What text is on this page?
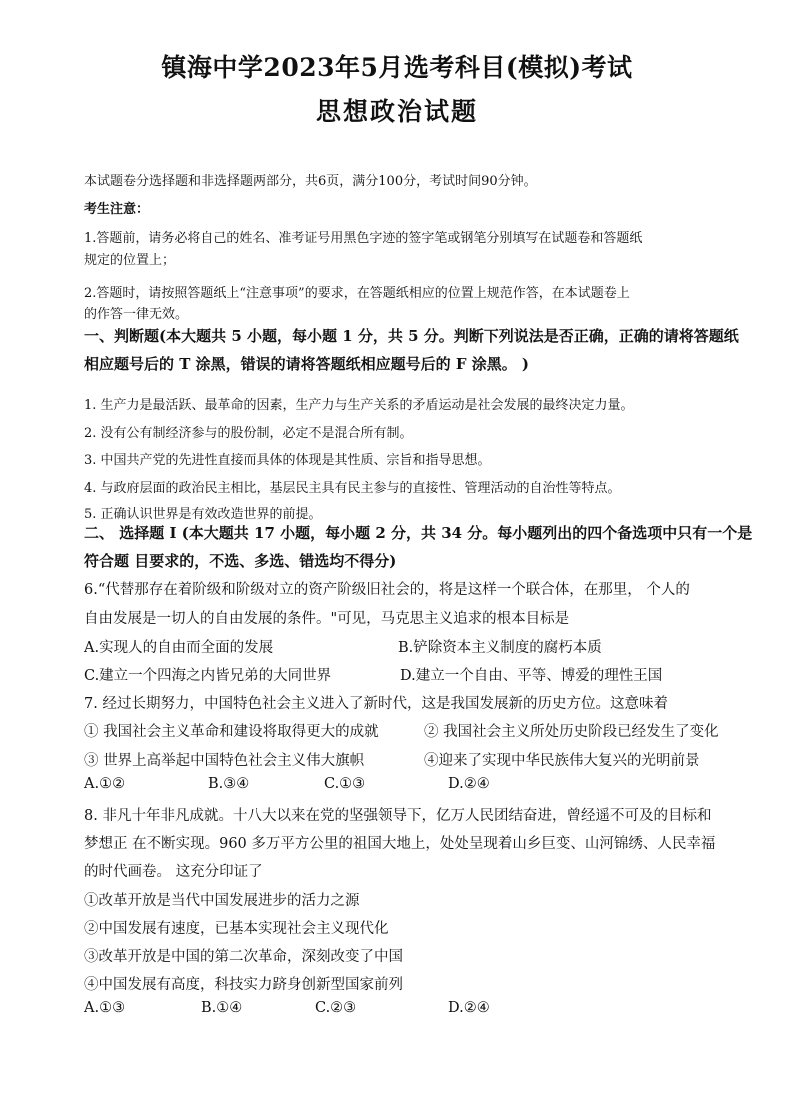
镇海中学2023年5月选考科目(模拟)考试
思想政治试题
本试题卷分选择题和非选择题两部分，共6页，满分100分，考试时间90分钟。
考生注意：
1.答题前，请务必将自己的姓名、准考证号用黑色字迹的签字笔或钢笔分别填写在试题卷和答题纸
规定的位置上；
2.答题时，请按照答题纸上“注意事项”的要求，在答题纸相应的位置上规范作答，在本试题卷上
的作答一律无效。
一、判断题(本大题共 5 小题，每小题 1 分，共 5 分。判断下列说法是否正确，正确的请将答题纸
相应题号后的 T 涂黑，错误的请将答题纸相应题号后的 F 涂黑。 )
1. 生产力是最活跃、最革命的因素，生产力与生产关系的矛盾运动是社会发展的最终决定力量。
2. 没有公有制经济参与的股份制，必定不是混合所有制。
3. 中国共产党的先进性直接而具体的体现是其性质、宗旨和指导思想。
4. 与政府层面的政治民主相比，基层民主具有民主参与的直接性、管理活动的自治性等特点。
5. 正确认识世界是有效改造世界的前提。
二、 选择题 I (本大题共 17 小题，每小题 2 分，共 34 分。每小题列出的四个备选项中只有一个是
符合题 目要求的，不选、多选、错选均不得分)
6.“代替那存在着阶级和阶级对立的资产阶级旧社会的，将是这样一个联合体，在那里， 个人的
自由发展是一切人的自由发展的条件。"可见，马克思主义追求的根本目标是
A.实现人的自由而全面的发展	B.铲除资本主义制度的腐朽本质
C.建立一个四海之内皆兄弟的大同世界	D.建立一个自由、平等、博爱的理性王国
7. 经过长期努力，中国特色社会主义进入了新时代，这是我国发展新的历史方位。这意味着
① 我国社会主义革命和建设将取得更大的成就	② 我国社会主义所处历史阶段已经发生了变化
③ 世界上高举起中国特色社会主义伟大旗帜	④迎来了实现中华民族伟大复兴的光明前景
A.①②	B.③④	C.①③	D.②④
8. 非凡十年非凡成就。十八大以来在党的坚强领导下，亿万人民团结奋进，曾经遥不可及的目标和
梦想正 在不断实现。960 多万平方公里的祖国大地上，处处呈现着山乡巨变、山河锦绣、人民幸福
的时代画卷。 这充分印证了
①改革开放是当代中国发展进步的活力之源
②中国发展有速度，已基本实现社会主义现代化
③改革开放是中国的第二次革命，深刻改变了中国
④中国发展有高度，科技实力跻身创新型国家前列
A.①③	B.①④	C.②③	D.②④
